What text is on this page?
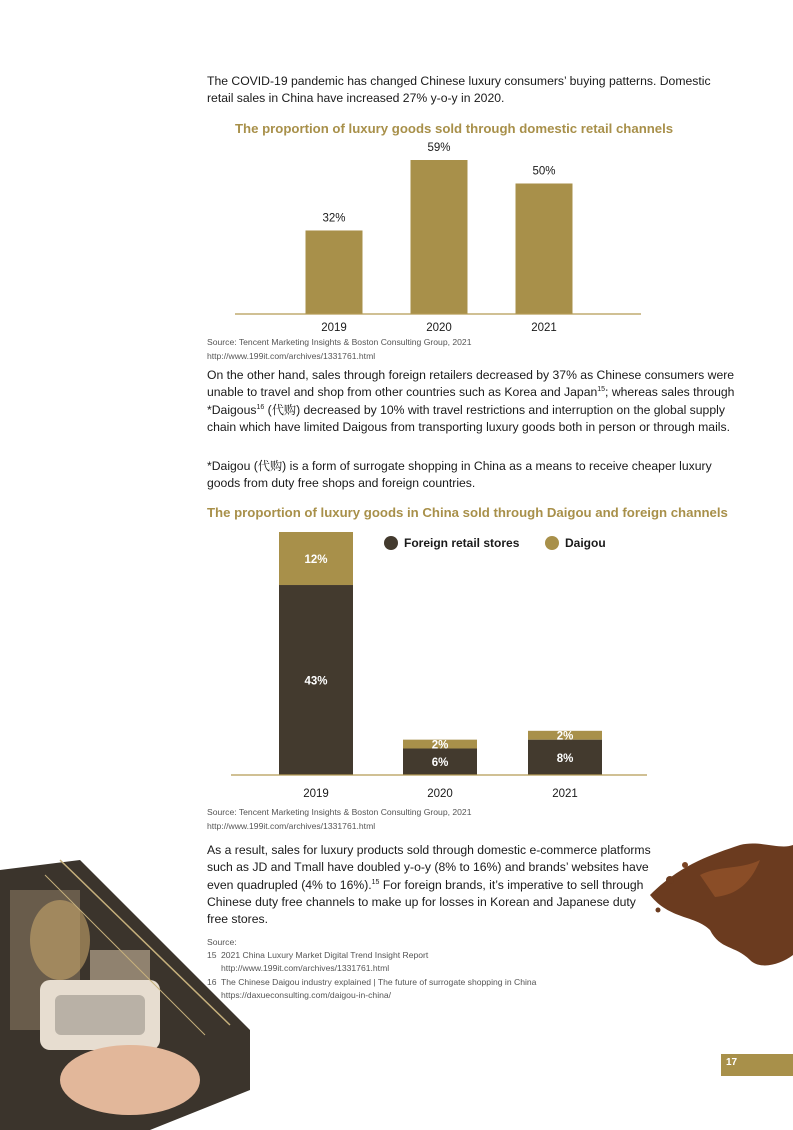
The COVID-19 pandemic has changed Chinese luxury consumers’ buying patterns. Domestic retail sales in China have increased 27% y-o-y in 2020.

The proportion of luxury goods sold through domestic retail channels
32%
2019
59%
2020
50%
2021
Source: Tencent Marketing Insights & Boston Consulting Group, 2021
http://www.199it.com/archives/1331761.html

On the other hand, sales through foreign retailers decreased by 37% as Chinese consumers were unable to travel and shop from other countries such as Korea and Japan$^{15}$; whereas sales through *Daigous$^{16}$ (代购) decreased by 10% with travel restrictions and interruption on the global supply chain which have limited Daigous from transporting luxury goods both in person or through mails.

*Daigou (代购) is a form of surrogate shopping in China as a means to receive cheaper luxury goods from duty free shops and foreign countries.

The proportion of luxury goods in China sold through Daigou and foreign channels
43%
12%
2019
6%
2%
2020
8%
2%
2021
Foreign retail stores	Daigou
Source: Tencent Marketing Insights & Boston Consulting Group, 2021
http://www.199it.com/archives/1331761.html

As a result, sales for luxury products sold through domestic e-commerce platforms such as JD and Tmall have doubled y-o-y (8% to 16%) and brands’ websites have even quadrupled (4% to 16%).$^{15}$ For foreign brands, it’s imperative to sell through Chinese duty free channels to make up for losses in Korean and Japanese duty free stores.

Source:
15 2021 China Luxury Market Digital Trend Insight Report
http://www.199it.com/archives/1331761.html
16 The Chinese Daigou industry explained | The future of surrogate shopping in China
https://daxueconsulting.com/daigou-in-china/
17
